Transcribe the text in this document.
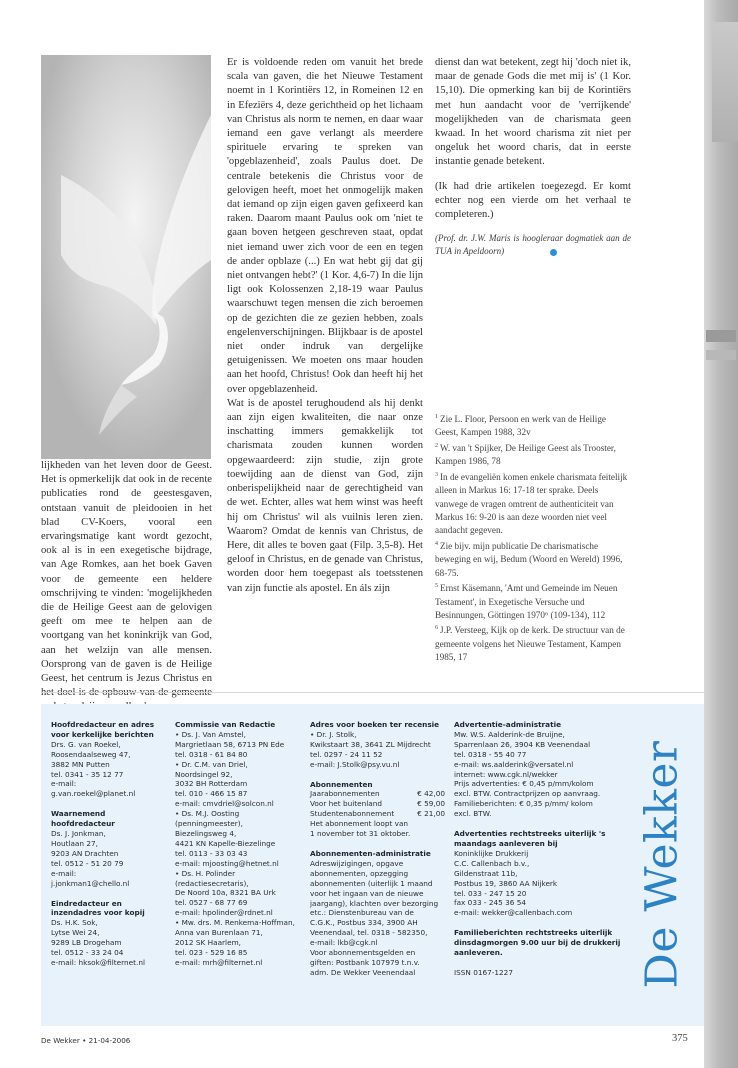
lijkheden van het leven door de Geest. Het is opmerkelijk dat ook in de recente publicaties rond de geestesgaven, ontstaan vanuit de pleidooien in het blad CV-Koers, vooral een ervaringsmatige kant wordt gezocht, ook al is in een exegetische bijdrage, van Age Romkes, aan het boek Gaven voor de gemeente een heldere omschrijving te vinden: 'mogelijkheden die de Heilige Geest aan de gelovigen geeft om mee te helpen aan de voortgang van het koninkrijk van God, aan het welzijn van alle mensen. Oorsprong van de gaven is de Heilige Geest, het centrum is Jezus Christus en

Er is voldoende reden om vanuit het brede scala van gaven, die het Nieuwe Testament noemt in 1 Korintiërs 12, in Romeinen 12 en in Efeziërs 4, deze gerichtheid op het lichaam van Christus als norm te nemen, en daar waar iemand een gave verlangt als meerdere spirituele ervaring te spreken van 'opgeblazenheid', zoals Paulus doet. De centrale betekenis die Christus voor de gelovigen heeft, moet het onmogelijk maken dat iemand op zijn eigen gaven gefixeerd kan raken. Daarom maant Paulus ook om 'niet te gaan boven hetgeen geschreven staat, opdat niet iemand uwer zich voor de een en tegen de ander opblaze (...) En wat hebt gij dat gij niet ontvangen hebt?' (1 Kor. 4,6-7) In die lijn ligt ook Kolossenzen 2,18-19 waar Paulus waarschuwt tegen mensen die zich beroemen op de gezichten die ze gezien hebben, zoals engelenverschijningen. Blijkbaar is de apostel niet onder indruk van dergelijke getuigenissen. We moeten ons maar houden aan het hoofd, Christus! Ook dan heeft hij het over opgeblazenheid.

Wat is de apostel terughoudend als hij denkt aan zijn eigen kwaliteiten, die naar onze inschatting immers gemakkelijk tot charismata zouden kunnen worden opgewaardeerd: zijn studie, zijn grote toewijding aan de dienst van God, zijn onberispelijkheid naar de gerechtigheid van de wet. Echter, alles wat hem winst was heeft hij om Christus' wil als vuilnis leren zien. Waarom? Omdat de kennis van Christus, de Here, dit alles te boven gaat (Filp. 3,5-8). Het geloof in Christus, en de genade van Christus, worden door hem toegepast als toetsstenen van zijn functie als apostel. En áls zijn

dienst dan wat betekent, zegt hij 'doch niet ik, maar de genade Gods die met mij is' (1 Kor. 15,10). Die opmerking kan bij de Korintiërs met hun aandacht voor de 'verrijkende' mogelijkheden van de charismata geen kwaad. In het woord charisma zit niet per ongeluk het woord charis, dat in eerste instantie genade betekent.

(Ik had drie artikelen toegezegd. Er komt echter nog een vierde om het verhaal te completeren.)

(Prof. dr. J.W. Maris is hoogleraar dogmatiek aan de TUA in Apeldoorn)
$^1$ Zie L. Floor, Persoon en werk van de Heilige Geest, Kampen 1988, 32v
$^2$ W. van 't Spijker, De Heilige Geest als Trooster, Kampen 1986, 78
$^3$ In de evangeliën komen enkele charismata feitelijk alleen in Markus 16: 17-18 ter sprake. Deels vanwege de vragen omtrent de authenticiteit van Markus 16: 9-20 is aan deze woorden niet veel aandacht gegeven.
$^4$ Zie bijv. mijn publicatie De charismatische beweging en wij, Bedum (Woord en Wereld) 1996, 68-75.
$^5$ Ernst Käsemann, 'Amt und Gemeinde im Neuen Testament', in Exegetische Versuche und Besinnungen, Göttingen 1970⁶ (109-134), 112
$^6$ J.P. Versteeg, Kijk op de kerk. De structuur van de gemeente volgens het Nieuwe Testament, Kampen 1985, 17
Hoofdredacteur en adres voor kerkelijke berichten
Drs. G. van Roekel,
Roosendaalseweg 47,
3882 MN Putten
tel. 0341 - 35 12 77
e-mail:
g.van.roekel@planet.nl
Waarnemend hoofdredacteur
Ds. J. Jonkman,
Houtlaan 27,
9203 AN Drachten
tel. 0512 - 51 20 79
e-mail:
j.jonkman1@chello.nl
Eindredacteur en inzendadres voor kopij
Ds. H.K. Sok,
Lytse Wei 24,
9289 LB Drogeham
tel. 0512 - 33 24 04
e-mail: hksok@filternet.nl
Commissie van Redactie
• Ds. J. Van Amstel,
Margrietlaan 58, 6713 PN Ede
tel. 0318 - 61 84 80
• Dr. C.M. van Driel,
Noordsingel 92,
3032 BH Rotterdam
tel. 010 - 466 15 87
e-mail: cmvdriel@solcon.nl
• Ds. M.J. Oosting
(penningmeester),
Biezelingsweg 4,
4421 KN Kapelle-Biezelinge
tel. 0113 - 33 03 43
e-mail: mjoosting@hetnet.nl
• Ds. H. Polinder
(redactiesecretaris),
De Noord 10a, 8321 BA Urk
tel. 0527 - 68 77 69
e-mail: hpolinder@rdnet.nl
• Mw. drs. M. Renkema-Hoffman,
Anna van Burenlaan 71,
2012 SK Haarlem,
tel. 023 - 529 16 85
e-mail: mrh@filternet.nl
Adres voor boeken ter recensie
• Dr. J. Stolk,
Kwikstaart 38, 3641 ZL Mijdrecht
tel. 0297 - 24 11 52
e-mail: J.Stolk@psy.vu.nl
Abonnementen
Jaarabonnementen	€ 42,00
Voor het buitenland	€ 59,00
Studentenabonnement	€ 21,00
Het abonnement loopt van
1 november tot 31 oktober.
Abonnementen-administratie
Adreswijzigingen, opgave
abonnementen, opzegging
abonnementen (uiterlijk 1 maand
voor het ingaan van de nieuwe
jaargang), klachten over bezorging etc.: Dienstenbureau van de
C.G.K., Postbus 334, 3900 AH
Veenendaal, tel. 0318 - 582350,
e-mail: lkb@cgk.nl
Voor abonnementsgelden en
giften: Postbank 107979 t.n.v.
adm. De Wekker Veenendaal
Advertentie-administratie
Mw. W.S. Aalderink-de Bruijne,
Sparrenlaan 26, 3904 KB Veenendaal
tel. 0318 - 55 40 77
e-mail: ws.aalderink@versatel.nl
internet: www.cgk.nl/wekker
Prijs advertenties: € 0,45 p/mm/kolom
excl. BTW. Contractprijzen op aanvraag.
Familieberichten: € 0,35 p/mm/ kolom
excl. BTW.
Advertenties rechtstreeks uiterlijk 's maandags aanleveren bij
Koninklijke Drukkerij
C.C. Callenbach b.v.,
Gildenstraat 11b,
Postbus 19, 3860 AA Nijkerk
tel. 033 - 247 15 20
fax 033 - 245 36 54
e-mail: wekker@callenbach.com
Familieberichten rechtstreeks uiterlijk dinsdagmorgen 9.00 uur bij de drukkerij aanleveren.
ISSN 0167-1227	De Wekker
De Wekker • 21-04-2006	375
